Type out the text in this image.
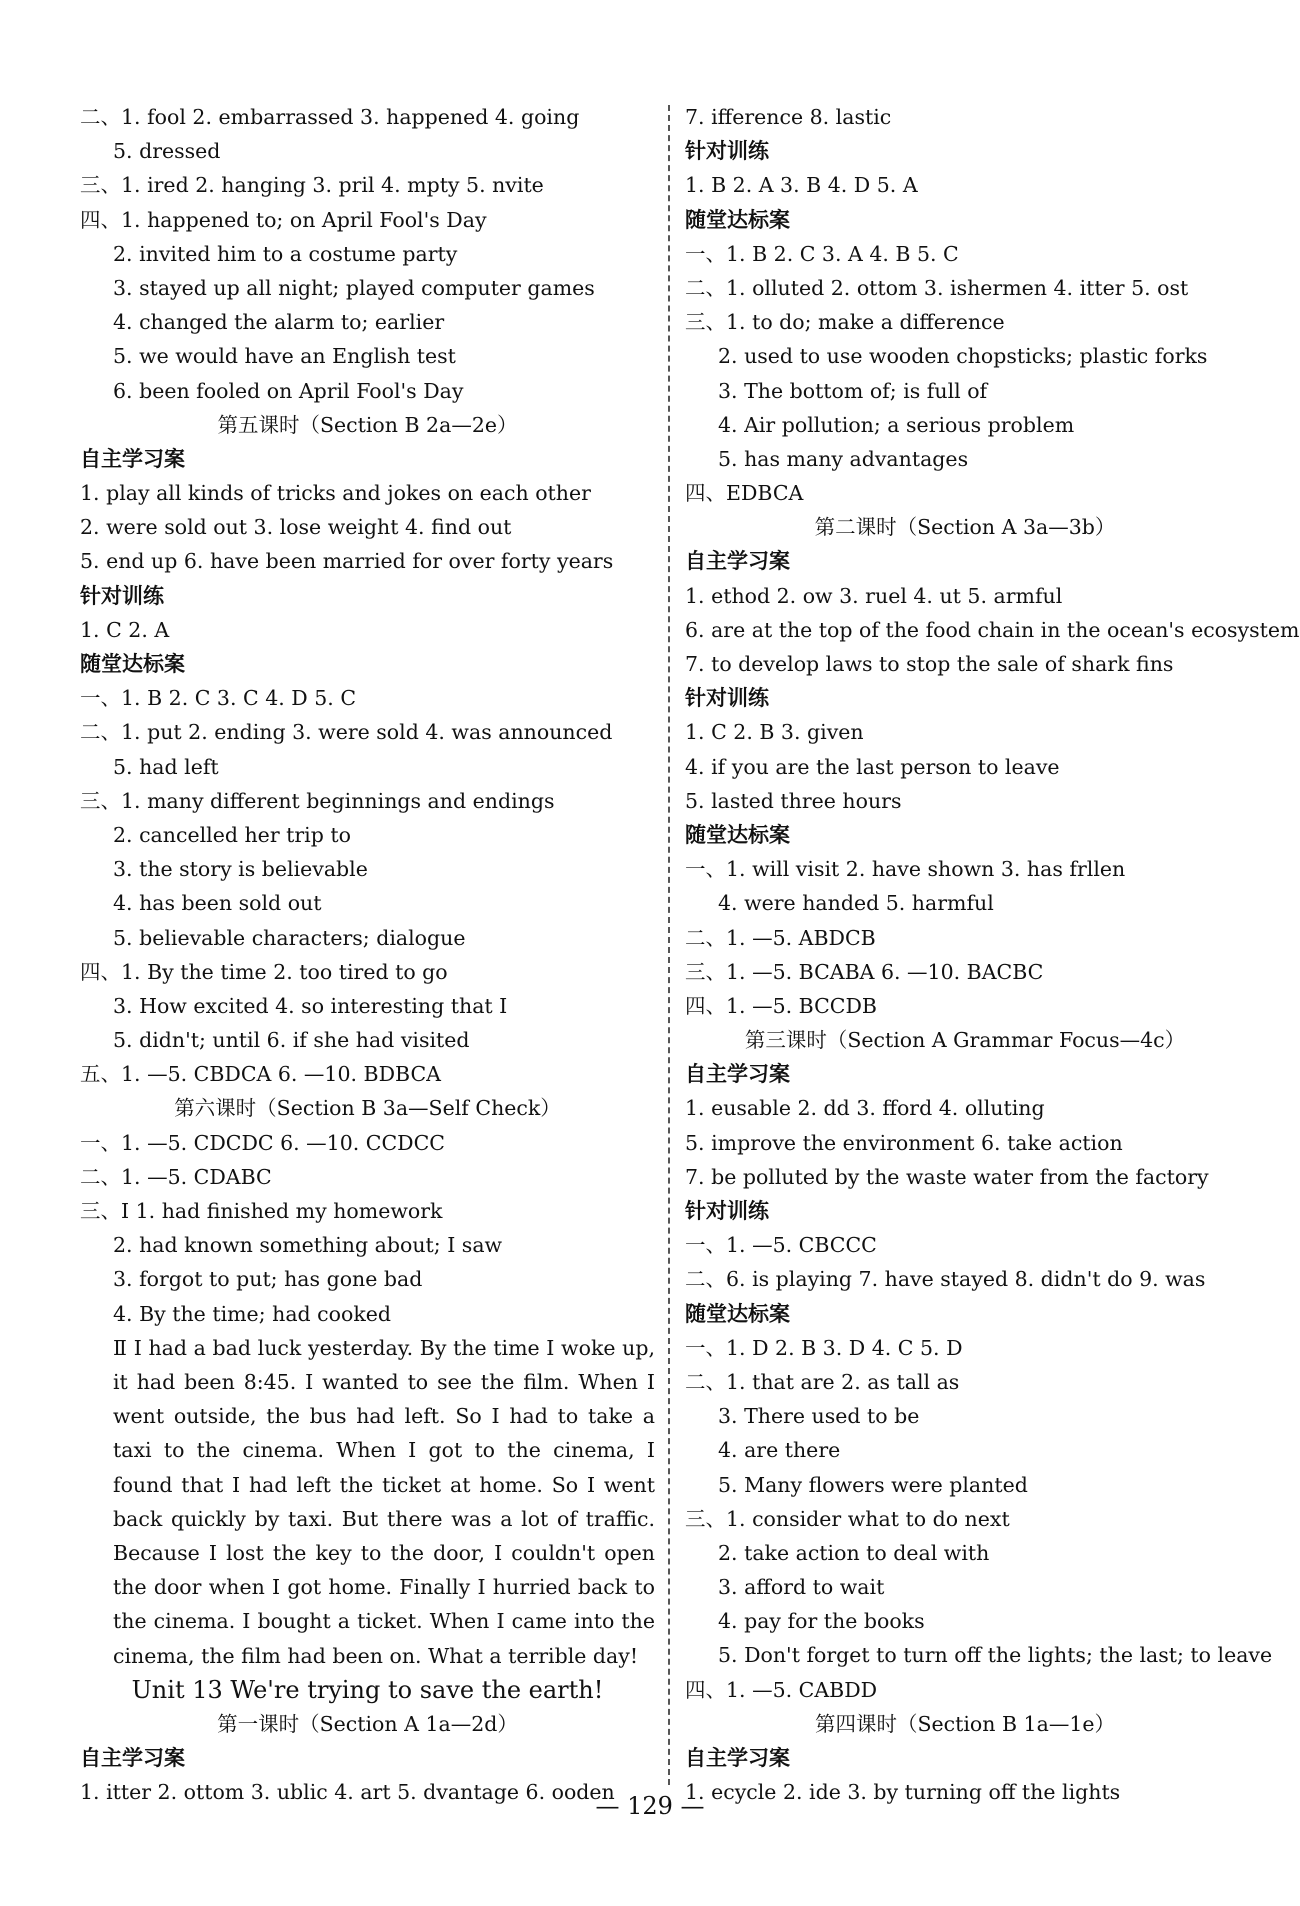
二、1. fool 2. embarrassed 3. happened 4. going
5. dressed
三、1. ired 2. hanging 3. pril 4. mpty 5. nvite
四、1. happened to; on April Fool's Day
2. invited him to a costume party
3. stayed up all night; played computer games
4. changed the alarm to; earlier
5. we would have an English test
6. been fooled on April Fool's Day
第五课时（Section B 2a—2e）
自主学习案
1. play all kinds of tricks and jokes on each other
2. were sold out 3. lose weight 4. find out
5. end up 6. have been married for over forty years
针对训练
1. C 2. A
随堂达标案
一、1. B 2. C 3. C 4. D 5. C
二、1. put 2. ending 3. were sold 4. was announced
5. had left
三、1. many different beginnings and endings
2. cancelled her trip to
3. the story is believable
4. has been sold out
5. believable characters; dialogue
四、1. By the time 2. too tired to go
3. How excited 4. so interesting that I
5. didn't; until 6. if she had visited
五、1. —5. CBDCA 6. —10. BDBCA
第六课时（Section B 3a—Self Check）
一、1. —5. CDCDC 6. —10. CCDCC
二、1. —5. CDABC
三、Ⅰ 1. had finished my homework
2. had known something about; I saw
3. forgot to put; has gone bad
4. By the time; had cooked
Ⅱ I had a bad luck yesterday. By the time I woke up, it had been 8:45. I wanted to see the film. When I went outside, the bus had left. So I had to take a taxi to the cinema. When I got to the cinema, I found that I had left the ticket at home. So I went back quickly by taxi. But there was a lot of traffic. Because I lost the key to the door, I couldn't open the door when I got home. Finally I hurried back to the cinema. I bought a ticket. When I came into the cinema, the film had been on. What a terrible day!
Unit 13 We're trying to save the earth!
第一课时（Section A 1a—2d）
自主学习案
1. itter 2. ottom 3. ublic 4. art 5. dvantage 6. ooden
7. ifference 8. lastic
针对训练
1. B 2. A 3. B 4. D 5. A
随堂达标案
一、1. B 2. C 3. A 4. B 5. C
二、1. olluted 2. ottom 3. ishermen 4. itter 5. ost
三、1. to do; make a difference
2. used to use wooden chopsticks; plastic forks
3. The bottom of; is full of
4. Air pollution; a serious problem
5. has many advantages
四、EDBCA
第二课时（Section A 3a—3b）
自主学习案
1. ethod 2. ow 3. ruel 4. ut 5. armful
6. are at the top of the food chain in the ocean's ecosystem
7. to develop laws to stop the sale of shark fins
针对训练
1. C 2. B 3. given
4. if you are the last person to leave
5. lasted three hours
随堂达标案
一、1. will visit 2. have shown 3. has frllen
4. were handed 5. harmful
二、1. —5. ABDCB
三、1. —5. BCABA 6. —10. BACBC
四、1. —5. BCCDB
第三课时（Section A Grammar Focus—4c）
自主学习案
1. eusable 2. dd 3. fford 4. olluting
5. improve the environment 6. take action
7. be polluted by the waste water from the factory
针对训练
一、1. —5. CBCCC
二、6. is playing 7. have stayed 8. didn't do 9. was
随堂达标案
一、1. D 2. B 3. D 4. C 5. D
二、1. that are 2. as tall as
3. There used to be
4. are there
5. Many flowers were planted
三、1. consider what to do next
2. take action to deal with
3. afford to wait
4. pay for the books
5. Don't forget to turn off the lights; the last; to leave
四、1. —5. CABDD
第四课时（Section B 1a—1e）
自主学习案
1. ecycle 2. ide 3. by turning off the lights
— 129 —
